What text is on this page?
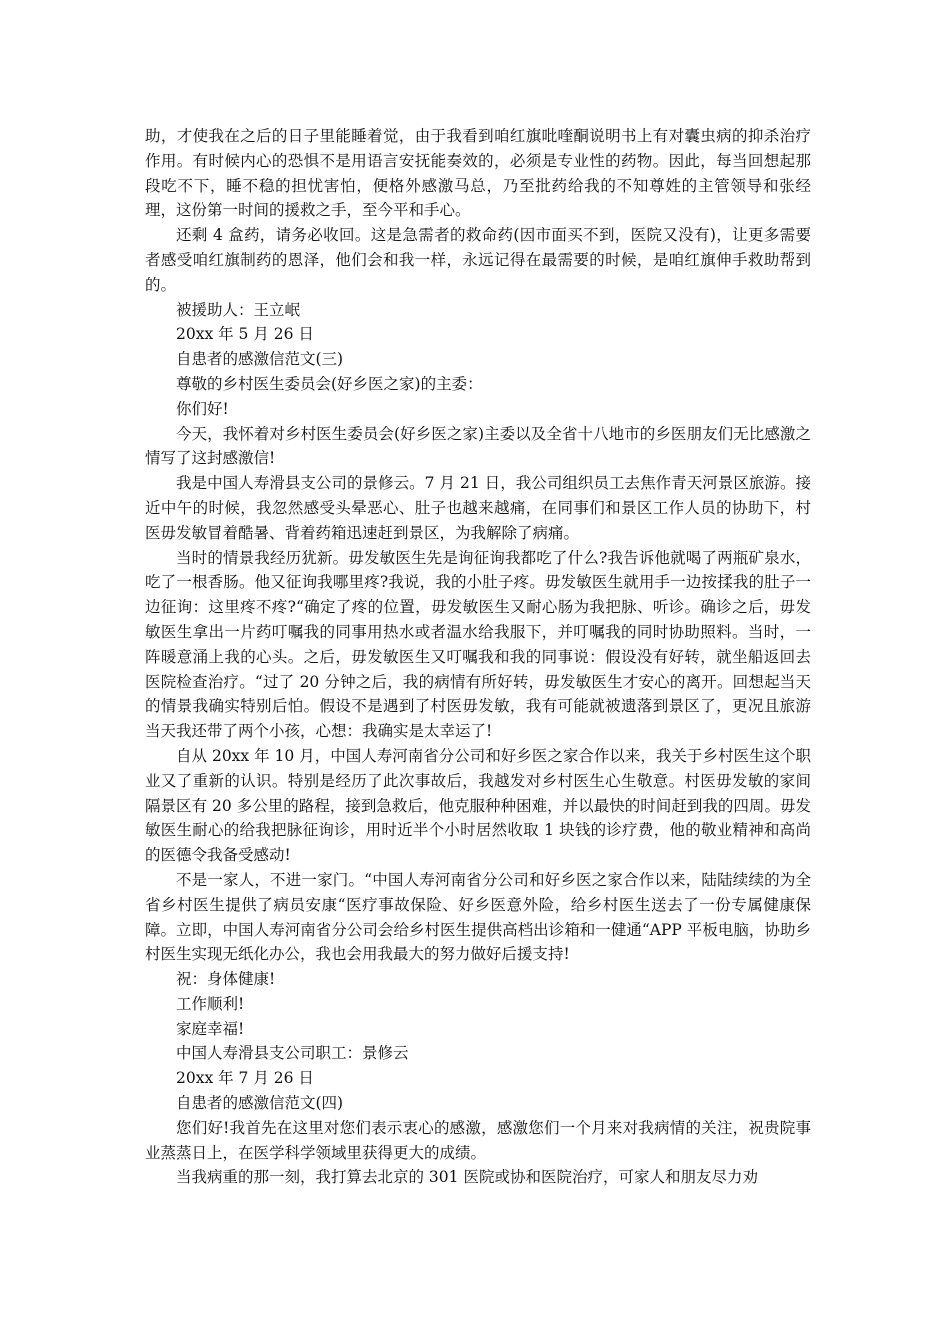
助，才使我在之后的日子里能睡着觉，由于我看到咱红旗吡喹酮说明书上有对囊虫病的抑杀治疗作用。有时候内心的恐惧不是用语言安抚能奏效的，必须是专业性的药物。因此，每当回想起那段吃不下，睡不稳的担忧害怕，便格外感激马总，乃至批药给我的不知尊姓的主管领导和张经理，这份第一时间的援救之手，至今平和手心。

还剩 4 盒药，请务必收回。这是急需者的救命药(因市面买不到，医院又没有)，让更多需要者感受咱红旗制药的恩泽，他们会和我一样，永远记得在最需要的时候，是咱红旗伸手救助帮到的。

被援助人：王立岷

20xx 年 5 月 26 日

自患者的感激信范文(三)

尊敬的乡村医生委员会(好乡医之家)的主委：

你们好!

今天，我怀着对乡村医生委员会(好乡医之家)主委以及全省十八地市的乡医朋友们无比感激之情写了这封感激信!

我是中国人寿滑县支公司的景修云。7 月 21 日，我公司组织员工去焦作青天河景区旅游。接近中午的时候，我忽然感受头晕恶心、肚子也越来越痛，在同事们和景区工作人员的协助下，村医毋发敏冒着酷暑、背着药箱迅速赶到景区，为我解除了病痛。

当时的情景我经历犹新。毋发敏医生先是询征询我都吃了什么?我告诉他就喝了两瓶矿泉水，吃了一根香肠。他又征询我哪里疼?我说，我的小肚子疼。毋发敏医生就用手一边按揉我的肚子一边征询：这里疼不疼?“确定了疼的位置，毋发敏医生又耐心肠为我把脉、听诊。确诊之后，毋发敏医生拿出一片药叮嘱我的同事用热水或者温水给我服下，并叮嘱我的同时协助照料。当时，一阵暖意涌上我的心头。之后，毋发敏医生又叮嘱我和我的同事说：假设没有好转，就坐船返回去医院检查治疗。“过了 20 分钟之后，我的病情有所好转，毋发敏医生才安心的离开。回想起当天的情景我确实特别后怕。假设不是遇到了村医毋发敏，我有可能就被遗落到景区了，更况且旅游当天我还带了两个小孩，心想：我确实是太幸运了!

自从 20xx 年 10 月，中国人寿河南省分公司和好乡医之家合作以来，我关于乡村医生这个职业又了重新的认识。特别是经历了此次事故后，我越发对乡村医生心生敬意。村医毋发敏的家间隔景区有 20 多公里的路程，接到急救后，他克服种种困难，并以最快的时间赶到我的四周。毋发敏医生耐心的给我把脉征询诊，用时近半个小时居然收取 1 块钱的诊疗费，他的敬业精神和高尚的医德令我备受感动!

不是一家人，不进一家门。“中国人寿河南省分公司和好乡医之家合作以来，陆陆续续的为全省乡村医生提供了病员安康“医疗事故保险、好乡医意外险，给乡村医生送去了一份专属健康保障。立即，中国人寿河南省分公司会给乡村医生提供高档出诊箱和一健通“APP 平板电脑，协助乡村医生实现无纸化办公，我也会用我最大的努力做好后援支持!

祝：身体健康!

工作顺利!

家庭幸福!

中国人寿滑县支公司职工：景修云

20xx 年 7 月 26 日

自患者的感激信范文(四)

您们好!我首先在这里对您们表示衷心的感激，感激您们一个月来对我病情的关注，祝贵院事业蒸蒸日上，在医学科学领域里获得更大的成绩。

当我病重的那一刻，我打算去北京的 301 医院或协和医院治疗，可家人和朋友尽力劝
